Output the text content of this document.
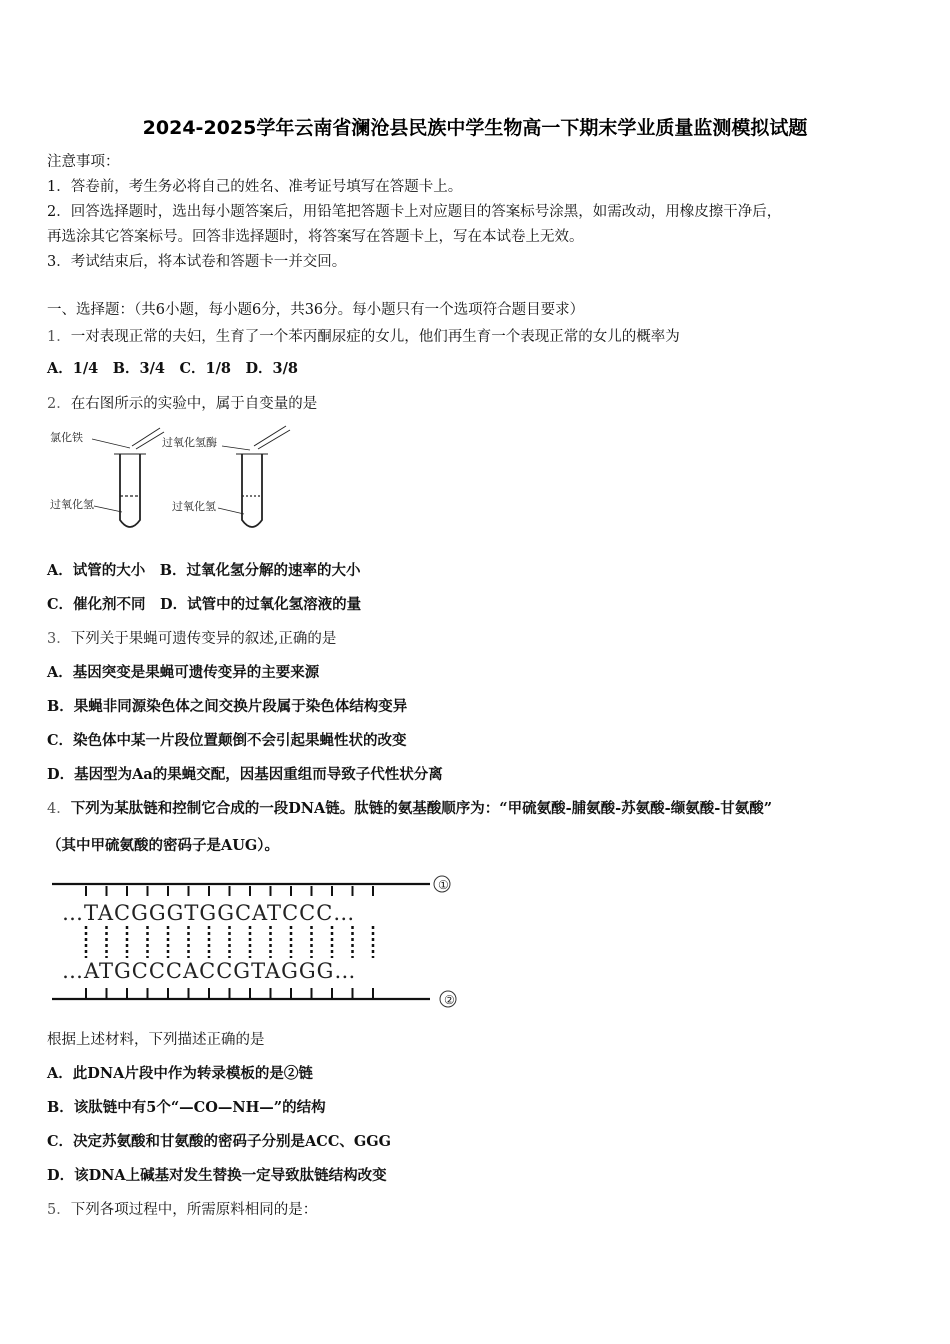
2024-2025学年云南省澜沧县民族中学生物高一下期末学业质量监测模拟试题
注意事项：
1．答卷前，考生务必将自己的姓名、准考证号填写在答题卡上。
2．回答选择题时，选出每小题答案后，用铅笔把答题卡上对应题目的答案标号涂黑，如需改动，用橡皮擦干净后，
再选涂其它答案标号。回答非选择题时，将答案写在答题卡上，写在本试卷上无效。
3．考试结束后，将本试卷和答题卡一并交回。
一、选择题：（共6小题，每小题6分，共36分。每小题只有一个选项符合题目要求）
1．一对表现正常的夫妇，生育了一个苯丙酮尿症的女儿，他们再生育一个表现正常的女儿的概率为
A．1/4　B．3/4　C．1/8　D．3/8
2．在右图所示的实验中，属于自变量的是
氯化铁
过氧化氢
过氧化氢酶
过氧化氢
A．试管的大小　B．过氧化氢分解的速率的大小
C．催化剂不同　D．试管中的过氧化氢溶液的量
3．下列关于果蝇可遗传变异的叙述,正确的是
A．基因突变是果蝇可遗传变异的主要来源
B．果蝇非同源染色体之间交换片段属于染色体结构变异
C．染色体中某一片段位置颠倒不会引起果蝇性状的改变
D．基因型为Aa的果蝇交配，因基因重组而导致子代性状分离
4．下列为某肽链和控制它合成的一段DNA链。肽链的氨基酸顺序为：“甲硫氨酸-脯氨酸-苏氨酸-缬氨酸-甘氨酸”
（其中甲硫氨酸的密码子是AUG）。
…TACGGGTGGCATCCC…
…ATGCCCACCGTAGGG…
①
②
根据上述材料，下列描述正确的是
A．此DNA片段中作为转录模板的是②链
B．该肽链中有5个“—CO—NH—”的结构
C．决定苏氨酸和甘氨酸的密码子分别是ACC、GGG
D．该DNA上碱基对发生替换一定导致肽链结构改变
5．下列各项过程中，所需原料相同的是：
